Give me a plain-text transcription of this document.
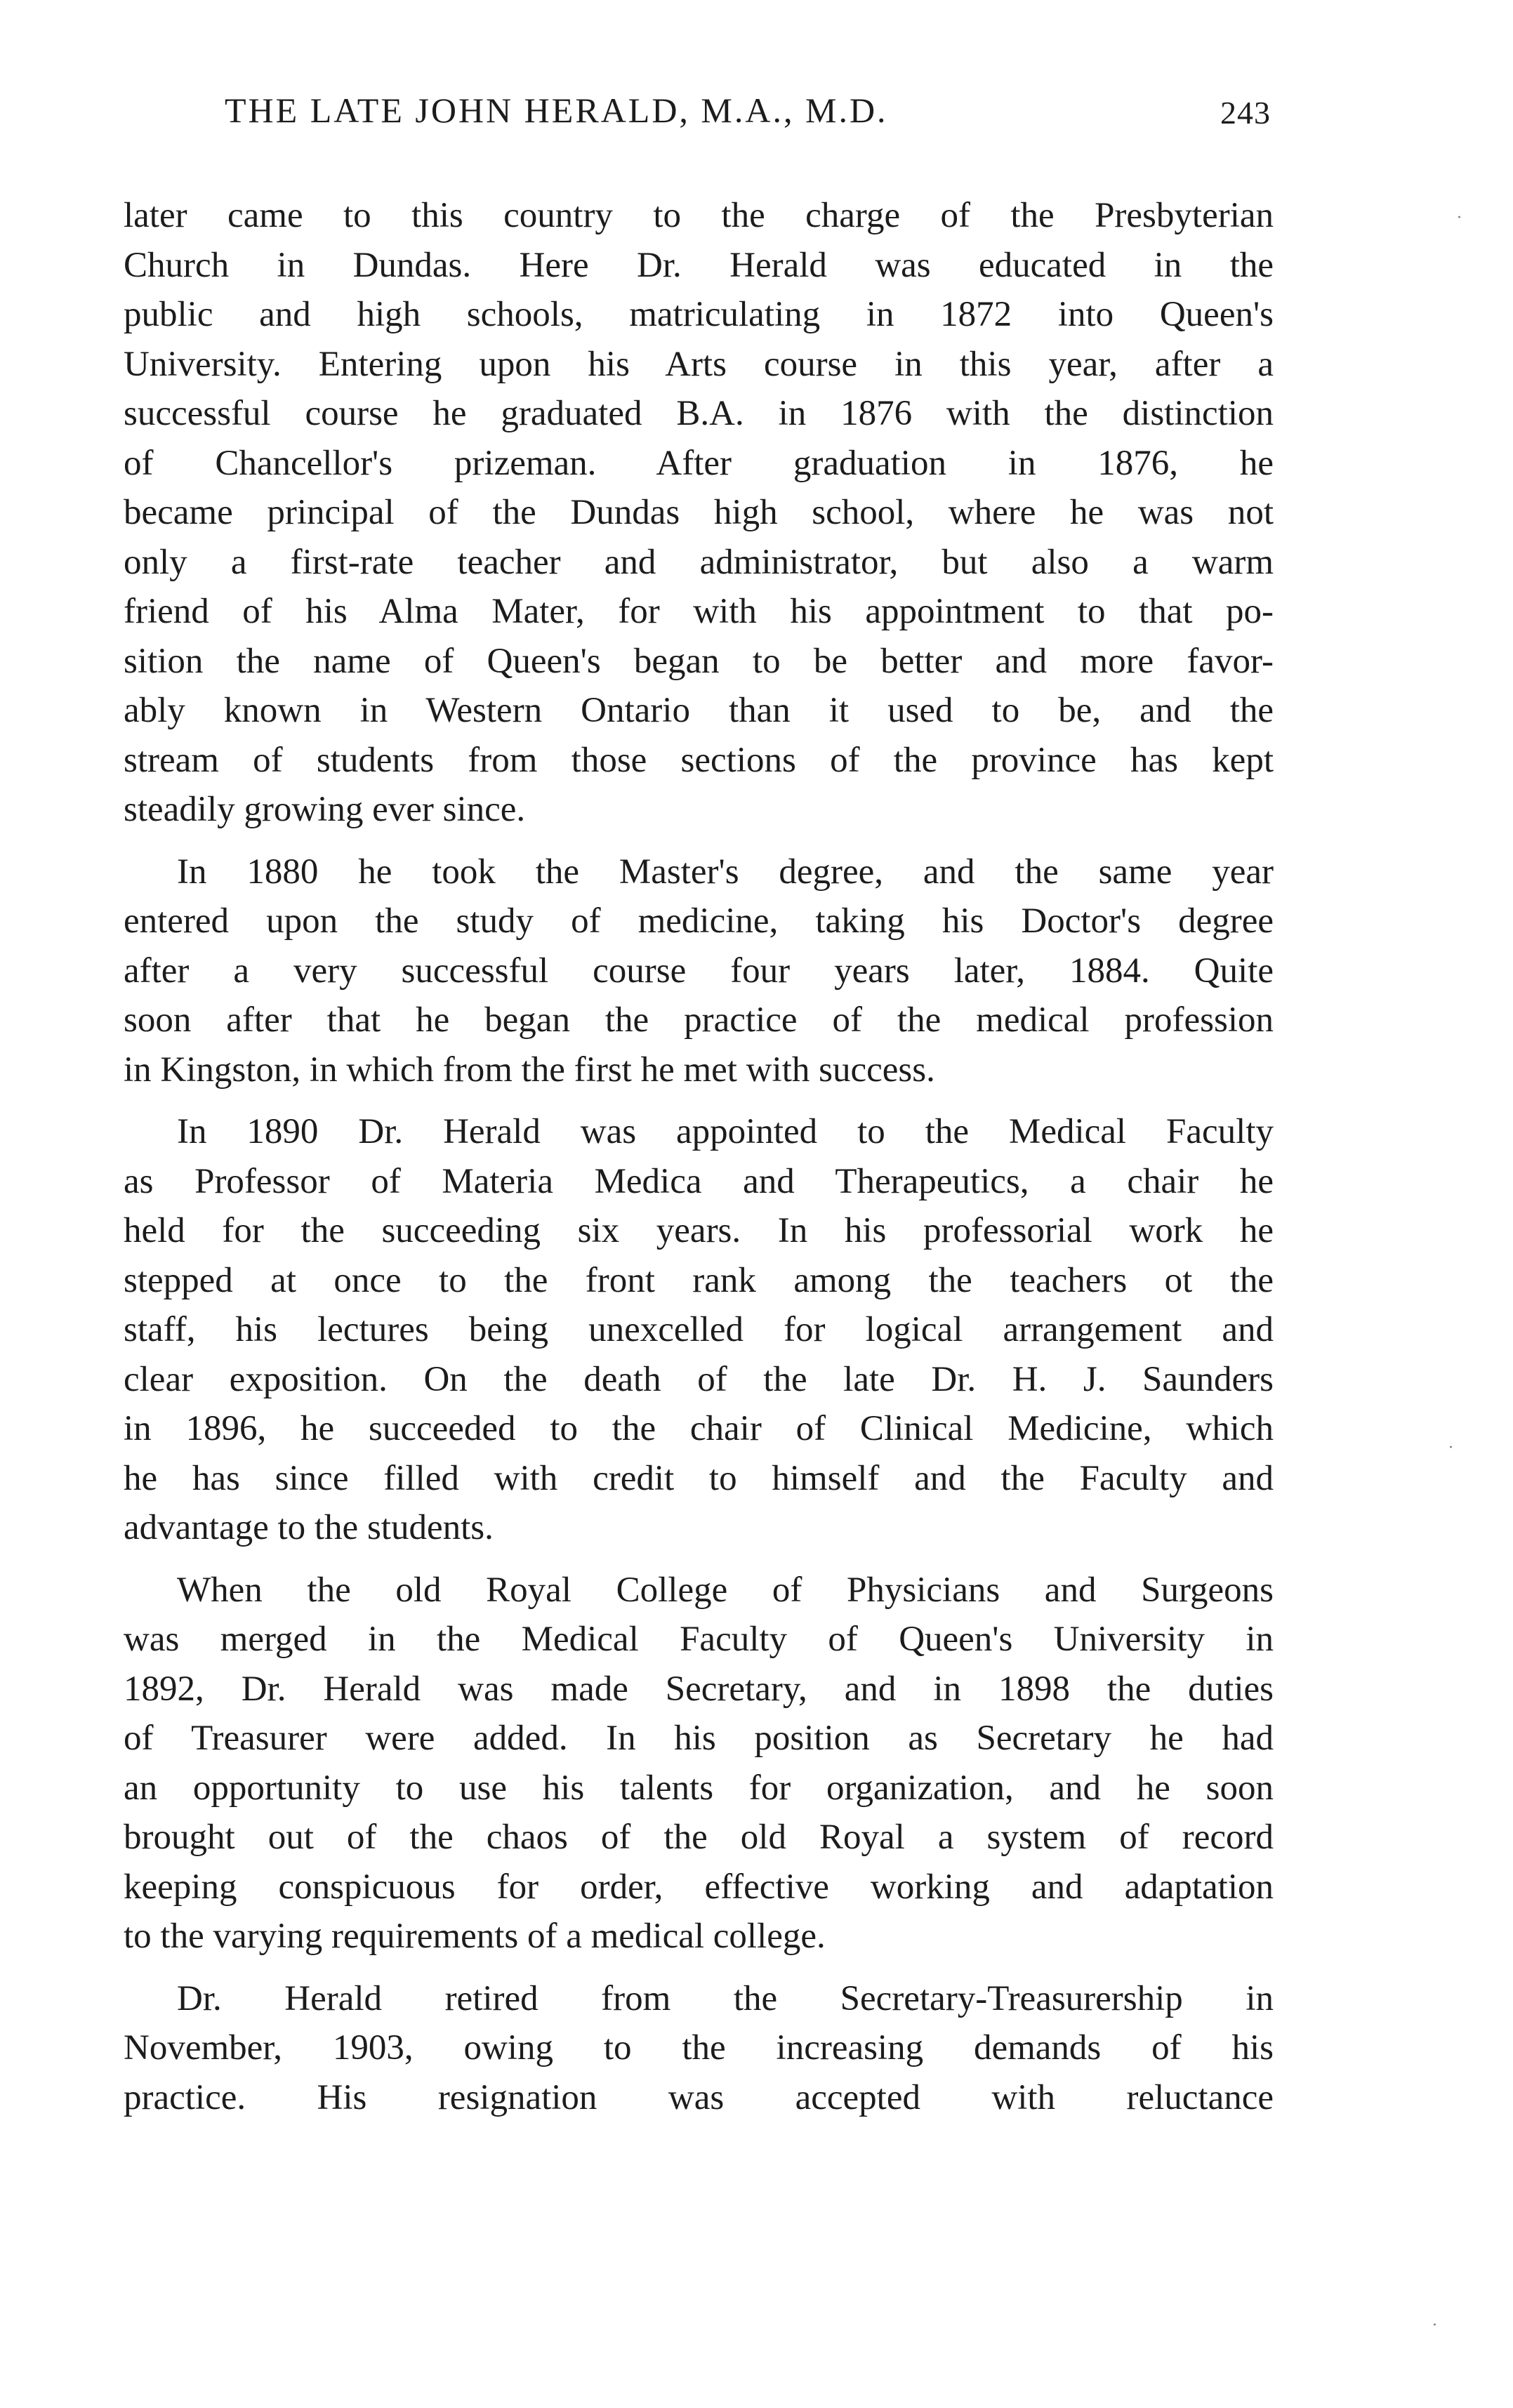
THE LATE JOHN HERALD, M.A., M.D.	243
later came to this country to the charge of the Presbyterian
Church in Dundas. Here Dr. Herald was educated in the
public and high schools, matriculating in 1872 into Queen's
University. Entering upon his Arts course in this year, after a
successful course he graduated B.A. in 1876 with the distinction
of Chancellor's prizeman. After graduation in 1876, he
became principal of the Dundas high school, where he was not
only a first-rate teacher and administrator, but also a warm
friend of his Alma Mater, for with his appointment to that po-
sition the name of Queen's began to be better and more favor-
ably known in Western Ontario than it used to be, and the
stream of students from those sections of the province has kept
steadily growing ever since.
In 1880 he took the Master's degree, and the same year
entered upon the study of medicine, taking his Doctor's degree
after a very successful course four years later, 1884. Quite
soon after that he began the practice of the medical profession
in Kingston, in which from the first he met with success.
In 1890 Dr. Herald was appointed to the Medical Faculty
as Professor of Materia Medica and Therapeutics, a chair he
held for the succeeding six years. In his professorial work he
stepped at once to the front rank among the teachers ot the
staff, his lectures being unexcelled for logical arrangement and
clear exposition. On the death of the late Dr. H. J. Saunders
in 1896, he succeeded to the chair of Clinical Medicine, which
he has since filled with credit to himself and the Faculty and
advantage to the students.
When the old Royal College of Physicians and Surgeons
was merged in the Medical Faculty of Queen's University in
1892, Dr. Herald was made Secretary, and in 1898 the duties
of Treasurer were added. In his position as Secretary he had
an opportunity to use his talents for organization, and he soon
brought out of the chaos of the old Royal a system of record
keeping conspicuous for order, effective working and adaptation
to the varying requirements of a medical college.
Dr. Herald retired from the Secretary-Treasurership in
November, 1903, owing to the increasing demands of his
practice. His resignation was accepted with reluctance
·
·
·
